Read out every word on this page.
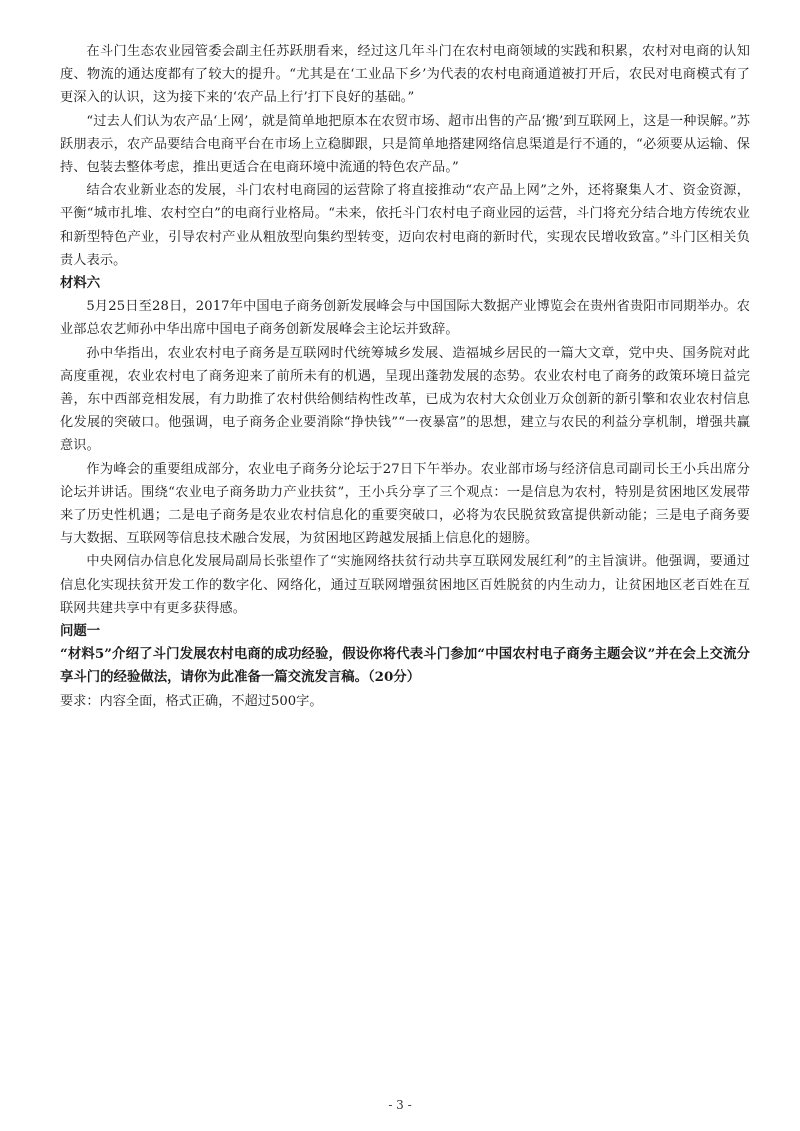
在斗门生态农业园管委会副主任苏跃朋看来，经过这几年斗门在农村电商领域的实践和积累，农村对电商的认知度、物流的通达度都有了较大的提升。“尤其是在‘工业品下乡’为代表的农村电商通道被打开后，农民对电商模式有了更深入的认识，这为接下来的‘农产品上行’打下良好的基础。”

“过去人们认为农产品‘上网’，就是简单地把原本在农贸市场、超市出售的产品‘搬’到互联网上，这是一种误解。”苏跃朋表示，农产品要结合电商平台在市场上立稳脚跟，只是简单地搭建网络信息渠道是行不通的，“必须要从运输、保持、包装去整体考虑，推出更适合在电商环境中流通的特色农产品。”

结合农业新业态的发展，斗门农村电商园的运营除了将直接推动“农产品上网”之外，还将聚集人才、资金资源，平衡“城市扎堆、农村空白”的电商行业格局。“未来，依托斗门农村电子商业园的运营，斗门将充分结合地方传统农业和新型特色产业，引导农村产业从粗放型向集约型转变，迈向农村电商的新时代，实现农民增收致富。”斗门区相关负责人表示。

材料六

5月25日至28日，2017年中国电子商务创新发展峰会与中国国际大数据产业博览会在贵州省贵阳市同期举办。农业部总农艺师孙中华出席中国电子商务创新发展峰会主论坛并致辞。

孙中华指出，农业农村电子商务是互联网时代统筹城乡发展、造福城乡居民的一篇大文章，党中央、国务院对此高度重视，农业农村电了商务迎来了前所未有的机遇，呈现出蓬勃发展的态势。农业农村电了商务的政策环境日益完善，东中西部竞相发展，有力助推了农村供给侧结构性改革，已成为农村大众创业万众创新的新引擎和农业农村信息化发展的突破口。他强调，电子商务企业要消除“挣快钱”“一夜暴富”的思想，建立与农民的利益分享机制，增强共赢意识。

作为峰会的重要组成部分，农业电子商务分论坛于27日下午举办。农业部市场与经济信息司副司长王小兵出席分论坛并讲话。围绕“农业电子商务助力产业扶贫”，王小兵分享了三个观点：一是信息为农村，特别是贫困地区发展带来了历史性机遇；二是电子商务是农业农村信息化的重要突破口，必将为农民脱贫致富提供新动能；三是电子商务要与大数据、互联网等信息技术融合发展，为贫困地区跨越发展插上信息化的翅膀。

中央网信办信息化发展局副局长张望作了“实施网络扶贫行动共享互联网发展红利”的主旨演讲。他强调，要通过信息化实现扶贫开发工作的数字化、网络化，通过互联网增强贫困地区百姓脱贫的内生动力，让贫困地区老百姓在互联网共建共享中有更多获得感。

问题一

“材料5”介绍了斗门发展农村电商的成功经验，假设你将代表斗门参加“中国农村电子商务主题会议”并在会上交流分享斗门的经验做法，请你为此准备一篇交流发言稿。（20分）

要求：内容全面，格式正确，不超过500字。

- 3 -
